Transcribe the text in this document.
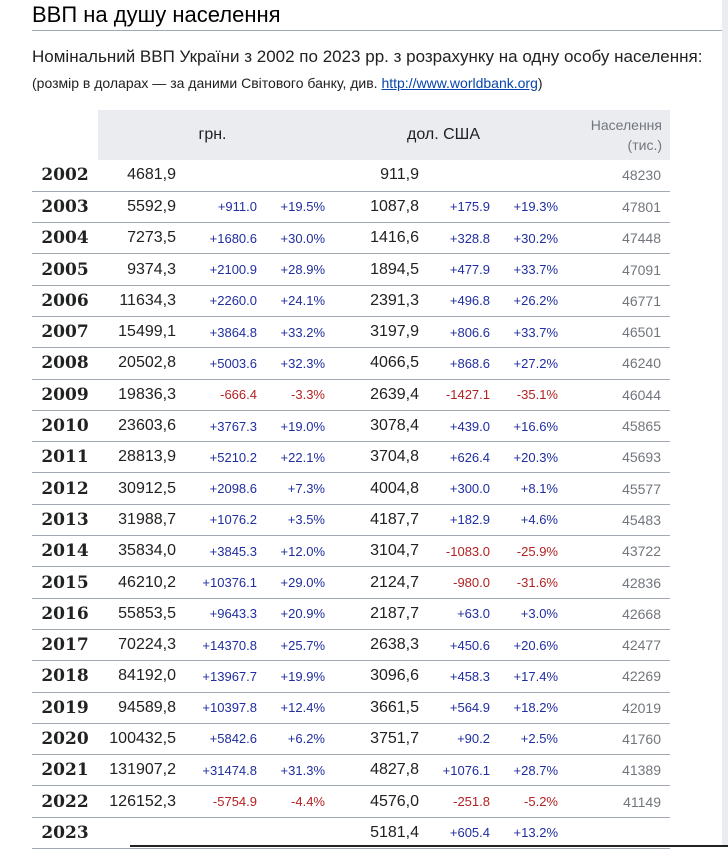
ВВП на душу населення
Номінальний ВВП України з 2002 по 2023 рр. з розрахунку на одну особу населення:
(розмір в доларах — за даними Світового банку, див. http://www.worldbank.org)
	грн.			дол. США			Населення (тис.)
2002	4681,9			911,9			48230
2003	5592,9	+911.0	+19.5%	1087,8	+175.9	+19.3%	47801
2004	7273,5	+1680.6	+30.0%	1416,6	+328.8	+30.2%	47448
2005	9374,3	+2100.9	+28.9%	1894,5	+477.9	+33.7%	47091
2006	11634,3	+2260.0	+24.1%	2391,3	+496.8	+26.2%	46771
2007	15499,1	+3864.8	+33.2%	3197,9	+806.6	+33.7%	46501
2008	20502,8	+5003.6	+32.3%	4066,5	+868.6	+27.2%	46240
2009	19836,3	-666.4	-3.3%	2639,4	-1427.1	-35.1%	46044
2010	23603,6	+3767.3	+19.0%	3078,4	+439.0	+16.6%	45865
2011	28813,9	+5210.2	+22.1%	3704,8	+626.4	+20.3%	45693
2012	30912,5	+2098.6	+7.3%	4004,8	+300.0	+8.1%	45577
2013	31988,7	+1076.2	+3.5%	4187,7	+182.9	+4.6%	45483
2014	35834,0	+3845.3	+12.0%	3104,7	-1083.0	-25.9%	43722
2015	46210,2	+10376.1	+29.0%	2124,7	-980.0	-31.6%	42836
2016	55853,5	+9643.3	+20.9%	2187,7	+63.0	+3.0%	42668
2017	70224,3	+14370.8	+25.7%	2638,3	+450.6	+20.6%	42477
2018	84192,0	+13967.7	+19.9%	3096,6	+458.3	+17.4%	42269
2019	94589,8	+10397.8	+12.4%	3661,5	+564.9	+18.2%	42019
2020	100432,5	+5842.6	+6.2%	3751,7	+90.2	+2.5%	41760
2021	131907,2	+31474.8	+31.3%	4827,8	+1076.1	+28.7%	41389
2022	126152,3	-5754.9	-4.4%	4576,0	-251.8	-5.2%	41149
2023				5181,4	+605.4	+13.2%	
